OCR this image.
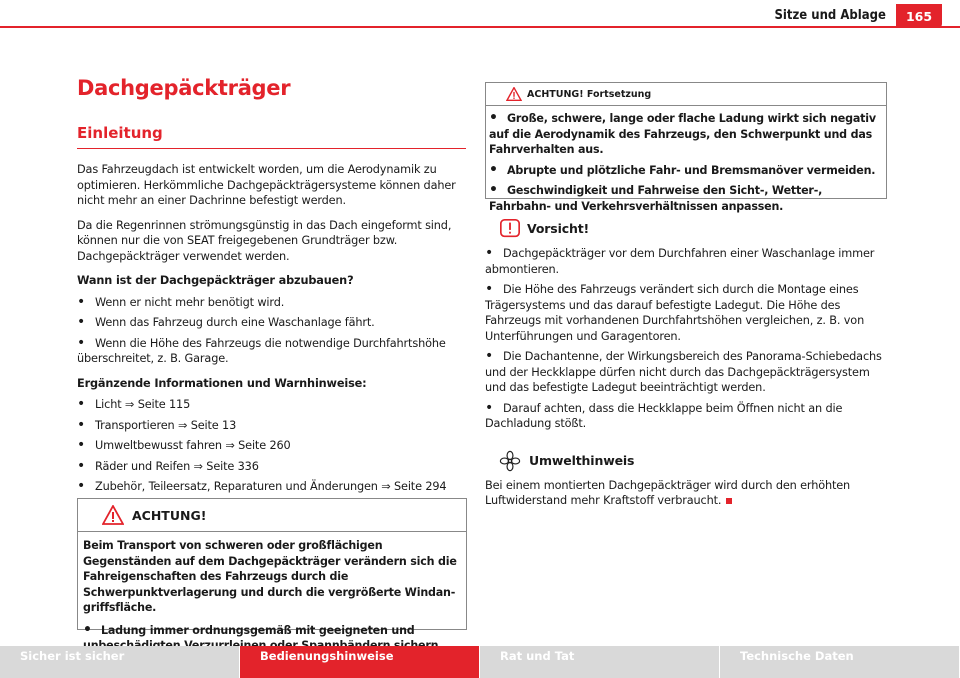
Sitze und Ablage	165
Dachgepäckträger
Einleitung

Das Fahrzeugdach ist entwickelt worden, um die Aerodynamik zu optimieren. Herkömmliche Dachgepäckträgersysteme können daher nicht mehr an einer Dachrinne befestigt werden.

Da die Regenrinnen strömungsgünstig in das Dach eingeformt sind, können nur die von SEAT freigegebenen Grundträger bzw. Dachgepäckträger verwendet werden.

Wann ist der Dachgepäckträger abzubauen?

• Wenn er nicht mehr benötigt wird.

• Wenn das Fahrzeug durch eine Waschanlage fährt.

• Wenn die Höhe des Fahrzeugs die notwendige Durchfahrtshöhe überschreitet, z. B. Garage.

Ergänzende Informationen und Warnhinweise:

• Licht ⇒ Seite 115

• Transportieren ⇒ Seite 13

• Umweltbewusst fahren ⇒ Seite 260

• Räder und Reifen ⇒ Seite 336

• Zubehör, Teileersatz, Reparaturen und Änderungen ⇒ Seite 294

ACHTUNG!

Beim Transport von schweren oder großflächigen Gegenständen auf dem Dachgepäckträger verändern sich die Fahreigenschaften des Fahrzeugs durch die Schwerpunktverlagerung und durch die vergrößerte Windangriffsfläche.

• Ladung immer ordnungsgemäß mit geeigneten und

ACHTUNG! Fortsetzung

• Große, schwere, lange oder flache Ladung wirkt sich negativ auf die Aerodynamik des Fahrzeugs, den Schwerpunkt und das Fahrverhalten aus.

• Abrupte und plötzliche Fahr- und Bremsmanöver vermeiden.

• Geschwindigkeit und Fahrweise den Sicht-, Wetter-, Fahrbahn- und Verkehrsverhältnissen anpassen.

Vorsicht!

• Dachgepäckträger vor dem Durchfahren einer Waschanlage immer abmontieren.

• Die Höhe des Fahrzeugs verändert sich durch die Montage eines Trägersystems und das darauf befestigte Ladegut. Die Höhe des Fahrzeugs mit vorhandenen Durchfahrtshöhen vergleichen, z. B. von Unterführungen und Garagentoren.

• Die Dachantenne, der Wirkungsbereich des Panorama-Schiebedachs und der Heckklappe dürfen nicht durch das Dachgepäckträgersystem und das befestigte Ladegut beeinträchtigt werden.

• Darauf achten, dass die Heckklappe beim Öffnen nicht an die Dachladung stößt.

Umwelthinweis

Bei einem montierten Dachgepäckträger wird durch den erhöhten Luftwiderstand mehr Kraftstoff verbraucht.

Sicher ist sicher	Bedienungshinweise	Rat und Tat	Technische Daten
